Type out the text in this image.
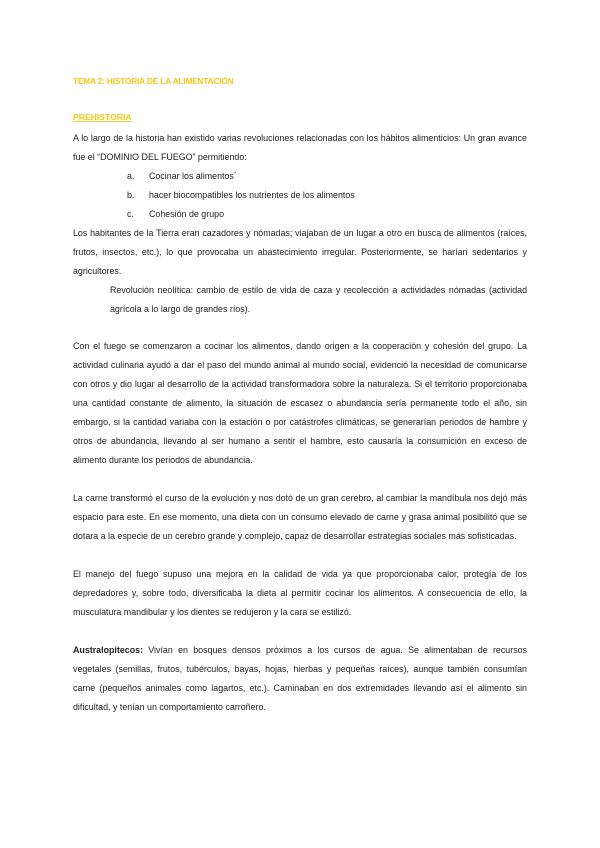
TEMA 2: HISTORIA DE LA ALIMENTACIÓN
PREHISTORIA

A lo largo de la historia han existido varias revoluciones relacionadas con los hábitos alimenticios: Un gran avance fue el “DOMINIO DEL FUEGO” permitiendo:

a.	Cocinar los alimentos´
b.	hacer biocompatibles los nutrientes de los alimentos
c.	Cohesión de grupo

Los habitantes de la Tierra eran cazadores y nómadas; viajaban de un lugar a otro en busca de alimentos (raíces, frutos, insectos, etc.), lo que provocaba un abastecimiento irregular. Posteriormente, se harían sedentarios y agricultores.

Revolución neolítica: cambio de estilo de vida de caza y recolección a actividades nómadas (actividad agrícola a lo largo de grandes ríos).

Con el fuego se comenzaron a cocinar los alimentos, dando origen a la cooperación y cohesión del grupo. La actividad culinaria ayudó a dar el paso del mundo animal al mundo social, evidenció la necesidad de comunicarse con otros y dio lugar al desarrollo de la actividad transformadora sobre la naturaleza. Si el territorio proporcionaba una cantidad constante de alimento, la situación de escasez o abundancia sería permanente todo el año, sin embargo, si la cantidad variaba con la estación o por catástrofes climáticas, se generarían periodos de hambre y otros de abundancia, llevando al ser humano a sentir el hambre, esto causaría la consumición en exceso de alimento durante los periodos de abundancia.

La carne transformó el curso de la evolución y nos dotó de un gran cerebro, al cambiar la mandíbula nos dejó más espacio para este. En ese momento, una dieta con un consumo elevado de carne y grasa animal posibilitó que se dotara a la especie de un cerebro grande y complejo, capaz de desarrollar estrategias sociales más sofisticadas.

El manejo del fuego supuso una mejora en la calidad de vida ya que proporcionaba calor, protegía de los depredadores y, sobre todo, diversificaba la dieta al permitir cocinar los alimentos. A consecuencia de ello, la musculatura mandibular y los dientes se redujeron y la cara se estilizó.

Australopitecos: Vivían en bosques densos próximos a los cursos de agua. Se alimentaban de recursos vegetales (semillas, frutos, tubérculos, bayas, hojas, hierbas y pequeñas raíces), aunque también consumían carne (pequeños animales como lagartos, etc.). Caminaban en dos extremidades llevando así el alimento sin dificultad, y tenían un comportamiento carroñero.
